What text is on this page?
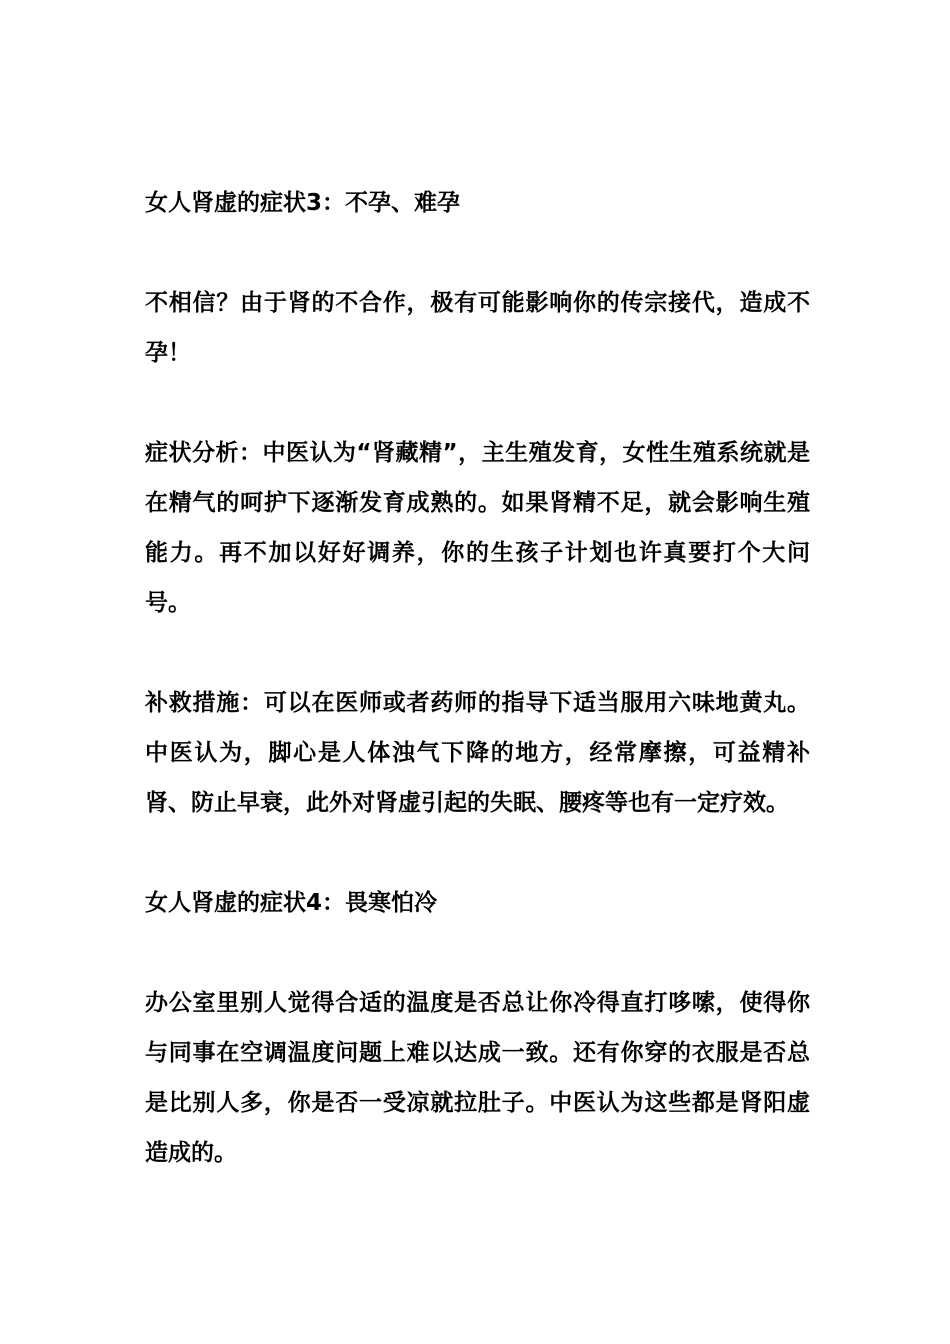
女人肾虚的症状3：不孕、难孕

不相信？由于肾的不合作，极有可能影响你的传宗接代，造成不孕！

症状分析：中医认为“肾藏精”，主生殖发育，女性生殖系统就是在精气的呵护下逐渐发育成熟的。如果肾精不足，就会影响生殖能力。再不加以好好调养，你的生孩子计划也许真要打个大问号。

补救措施：可以在医师或者药师的指导下适当服用六味地黄丸。中医认为，脚心是人体浊气下降的地方，经常摩擦，可益精补肾、防止早衰，此外对肾虚引起的失眠、腰疼等也有一定疗效。

女人肾虚的症状4：畏寒怕冷

办公室里别人觉得合适的温度是否总让你冷得直打哆嗦，使得你与同事在空调温度问题上难以达成一致。还有你穿的衣服是否总是比别人多，你是否一受凉就拉肚子。中医认为这些都是肾阳虚造成的。
